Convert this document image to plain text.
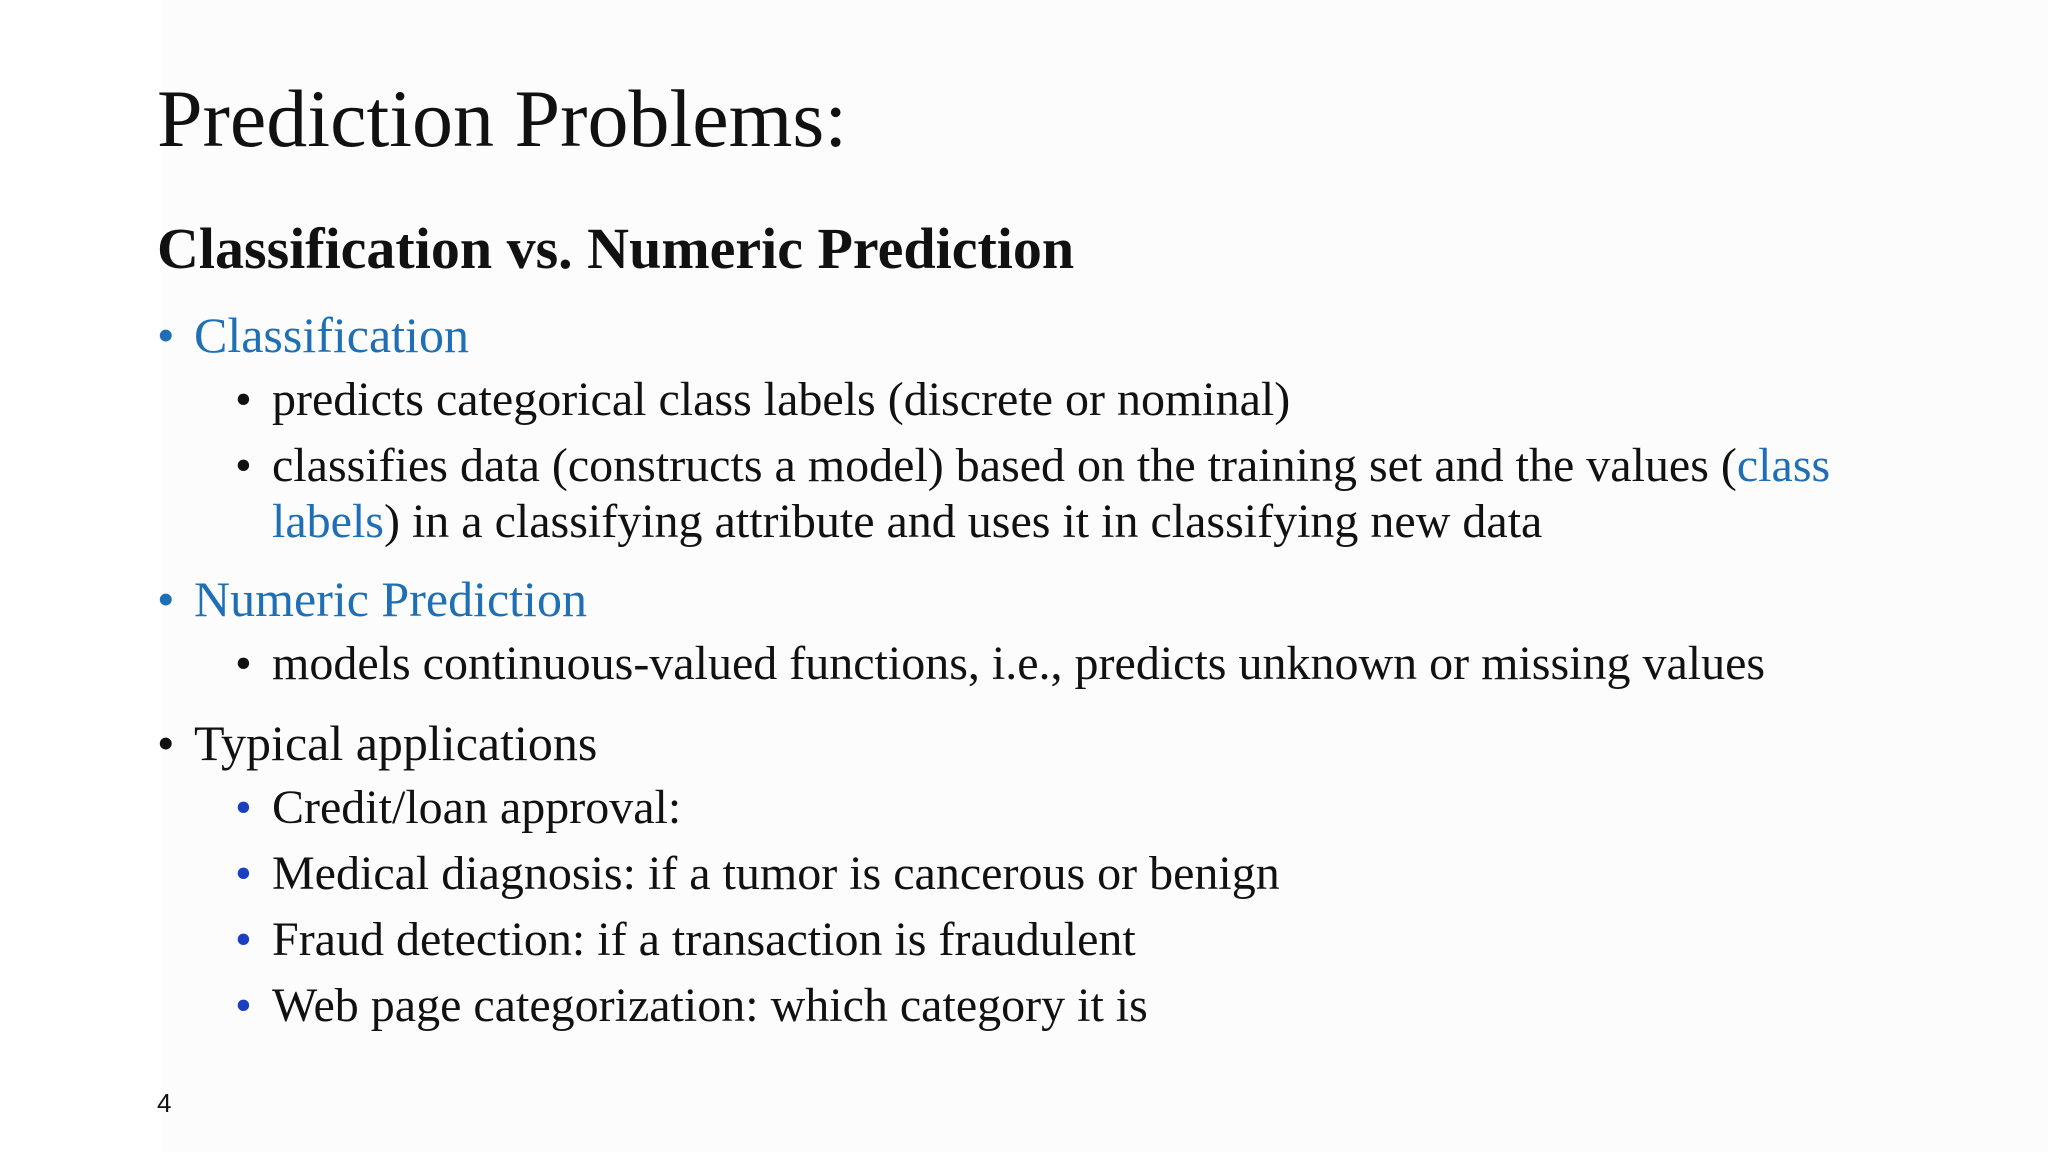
Prediction Problems:
Classification vs. Numeric Prediction
• Classification
• predicts categorical class labels (discrete or nominal)
• classifies data (constructs a model) based on the training set and the values (class
labels) in a classifying attribute and uses it in classifying new data
• Numeric Prediction
• models continuous-valued functions, i.e., predicts unknown or missing values
• Typical applications
• Credit/loan approval:
• Medical diagnosis: if a tumor is cancerous or benign
• Fraud detection: if a transaction is fraudulent
• Web page categorization: which category it is
4
